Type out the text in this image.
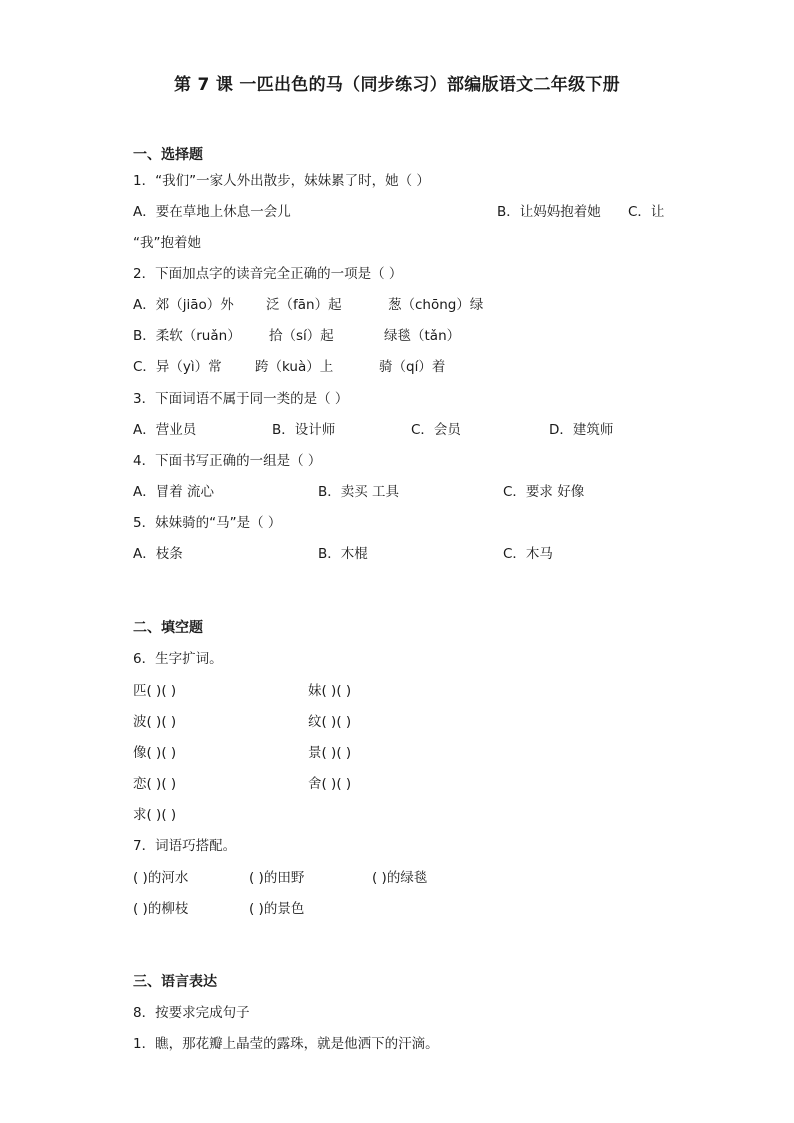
第 7 课 一匹出色的马（同步练习）部编版语文二年级下册
一、选择题
1．“我们”一家人外出散步，妹妹累了时，她（ ）
A．要在草地上休息一会儿	B．让妈妈抱着她 C．让
“我”抱着她
2．下面加点字的读音完全正确的一项是（ ）
A．郊（jiāo）外 泛（fān）起	葱（chōng）绿
B．柔软（ruǎn） 拾（sí）起	绿毯（tǎn）
C．异（yì）常 跨（kuà）上	骑（qí）着
3．下面词语不属于同一类的是（ ）
A．营业员	B．设计师	C．会员	D．建筑师
4．下面书写正确的一组是（ ）
A．冒着 流心	B．卖买 工具	C．要求 好像
5．妹妹骑的“马”是（ ）
A．枝条	B．木棍	C．木马
二、填空题
6．生字扩词。
匹( )( )	妹( )( )
波( )( )	纹( )( )
像( )( )	景( )( )
恋( )( )	舍( )( )
求( )( )
7．词语巧搭配。
( )的河水	( )的田野	( )的绿毯
( )的柳枝	( )的景色
三、语言表达
8．按要求完成句子
1．瞧，那花瓣上晶莹的露珠，就是他洒下的汗滴。
